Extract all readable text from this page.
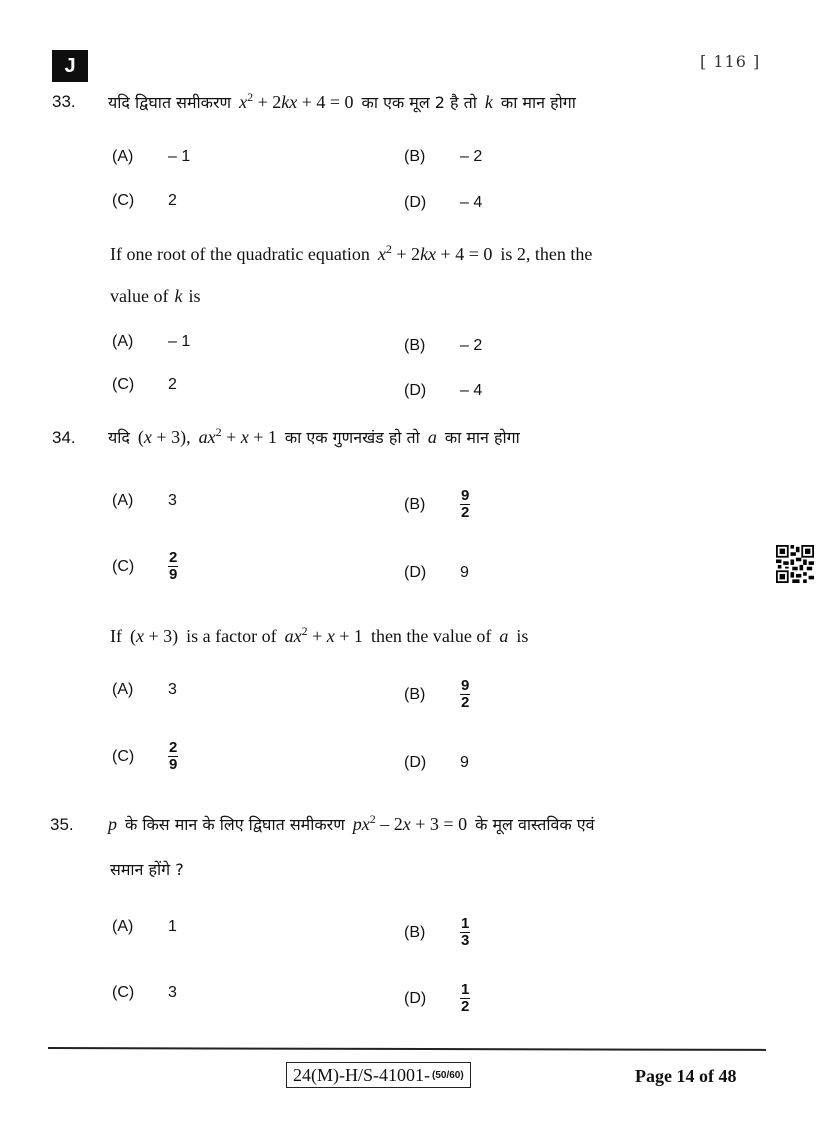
J	[ 116 ]
33. यदि द्विघात समीकरण $x^2 + 2kx + 4 = 0$ का एक मूल 2 है तो k का मान होगा
(A)	– 1	(B)	– 2
(C)	2	(D)	– 4
If one root of the quadratic equation $x^2 + 2kx + 4 = 0$ is 2, then the
value of k is
(A)	– 1	(B)	– 2
(C)	2	(D)	– 4
34. यदि (x + 3), $ax^2 + x + 1$ का एक गुणनखंड हो तो a का मान होगा
(A)	3	(B)	$\frac{9}{2}$
(C)	$\frac{2}{9}$	(D)	9
If (x + 3) is a factor of $ax^2 + x + 1$ then the value of a is
(A)	3	(B)	$\frac{9}{2}$
(C)	$\frac{2}{9}$	(D)	9
35. p के किस मान के लिए द्विघात समीकरण $px^2 - 2x + 3 = 0$ के मूल वास्तविक एवं
समान होंगे ?
(A)	1	(B)	$\frac{1}{3}$
(C)	3	(D)	$\frac{1}{2}$
24(M)-H/S-41001- (50/60)	Page 14 of 48
